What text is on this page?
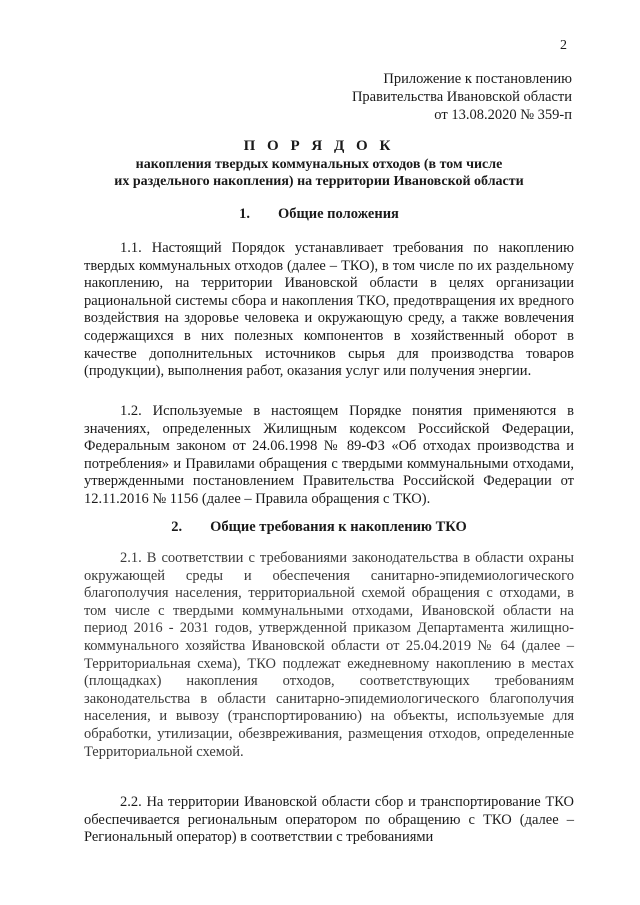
2
Приложение к постановлению
Правительства Ивановской области
от 13.08.2020 № 359-п
П О Р Я Д О К
накопления твердых коммунальных отходов (в том числе
их раздельного накопления) на территории Ивановской области
1. Общие положения
1.1. Настоящий Порядок устанавливает требования по накоплению твердых коммунальных отходов (далее – ТКО), в том числе по их раздельному накоплению, на территории Ивановской области в целях организации рациональной системы сбора и накопления ТКО, предотвращения их вредного воздействия на здоровье человека и окружающую среду, а также вовлечения содержащихся в них полезных компонентов в хозяйственный оборот в качестве дополнительных источников сырья для производства товаров (продукции), выполнения работ, оказания услуг или получения энергии.
1.2. Используемые в настоящем Порядке понятия применяются в значениях, определенных Жилищным кодексом Российской Федерации, Федеральным законом от 24.06.1998 № 89-ФЗ «Об отходах производства и потребления» и Правилами обращения с твердыми коммунальными отходами, утвержденными постановлением Правительства Российской Федерации от 12.11.2016 № 1156 (далее – Правила обращения с ТКО).
2. Общие требования к накоплению ТКО
2.1. В соответствии с требованиями законодательства в области охраны окружающей среды и обеспечения санитарно-эпидемиологического благополучия населения, территориальной схемой обращения с отходами, в том числе с твердыми коммунальными отходами, Ивановской области на период 2016 - 2031 годов, утвержденной приказом Департамента жилищно-коммунального хозяйства Ивановской области от 25.04.2019 № 64 (далее – Территориальная схема), ТКО подлежат ежедневному накоплению в местах (площадках) накопления отходов, соответствующих требованиям законодательства в области санитарно-эпидемиологического благополучия населения, и вывозу (транспортированию) на объекты, используемые для обработки, утилизации, обезвреживания, размещения отходов, определенные Территориальной схемой.
2.2. На территории Ивановской области сбор и транспортирование ТКО обеспечивается региональным оператором по обращению с ТКО (далее – Региональный оператор) в соответствии с требованиями
